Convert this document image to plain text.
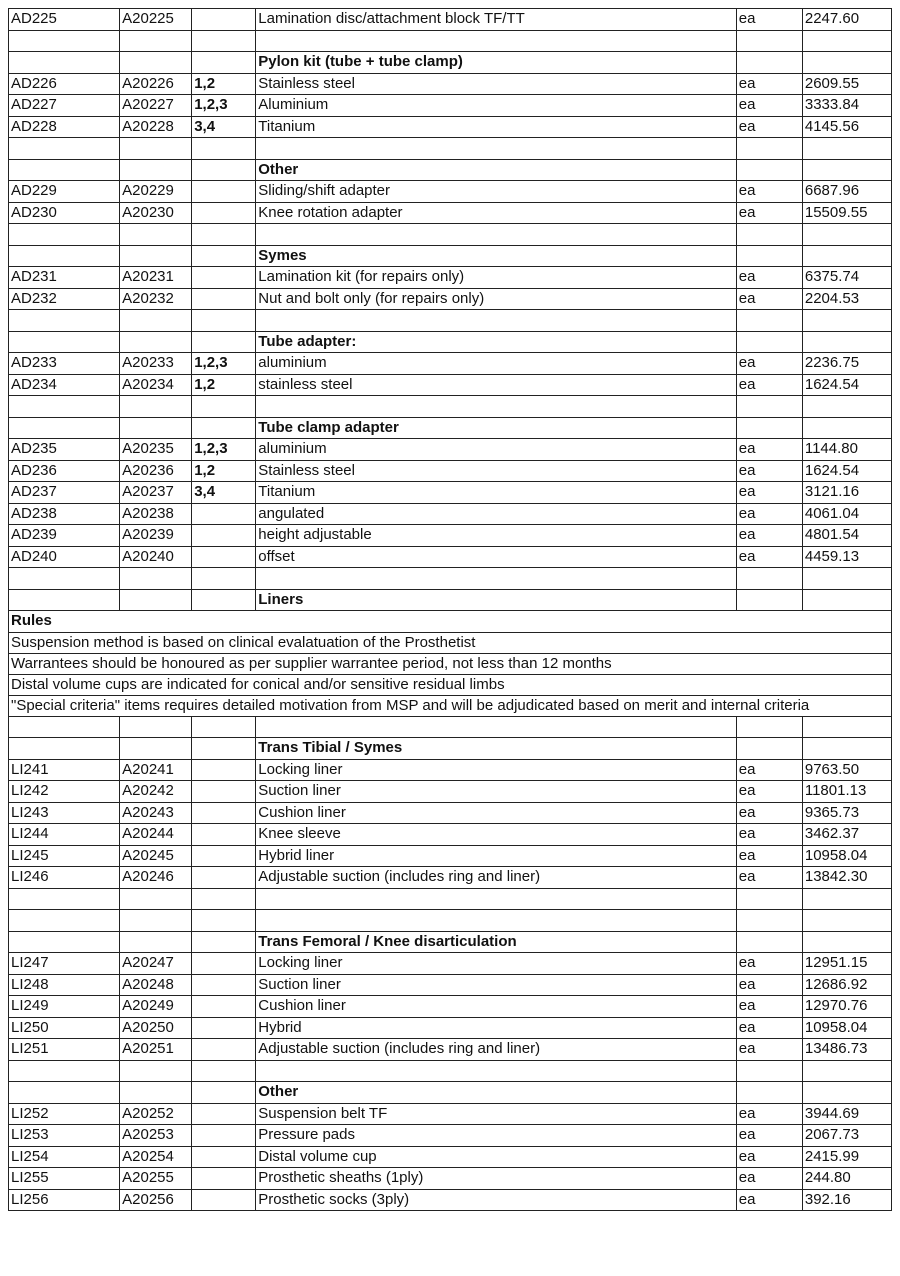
AD225	A20225		Lamination disc/attachment block TF/TT	ea	2247.60

			Pylon kit (tube + tube clamp)		
AD226	A20226	1,2	Stainless steel	ea	2609.55
AD227	A20227	1,2,3	Aluminium	ea	3333.84
AD228	A20228	3,4	Titanium	ea	4145.56

			Other		
AD229	A20229		Sliding/shift adapter	ea	6687.96
AD230	A20230		Knee rotation adapter	ea	15509.55

			Symes		
AD231	A20231		Lamination kit (for repairs only)	ea	6375.74
AD232	A20232		Nut and bolt only (for repairs only)	ea	2204.53

			Tube adapter:		
AD233	A20233	1,2,3	aluminium	ea	2236.75
AD234	A20234	1,2	stainless steel	ea	1624.54

			Tube clamp adapter		
AD235	A20235	1,2,3	aluminium	ea	1144.80
AD236	A20236	1,2	Stainless steel	ea	1624.54
AD237	A20237	3,4	Titanium	ea	3121.16
AD238	A20238		angulated	ea	4061.04
AD239	A20239		height adjustable	ea	4801.54
AD240	A20240		offset	ea	4459.13

			Liners		
Rules					
Suspension method is based on clinical evalatuation of the Prosthetist					
Warrantees should be honoured as per supplier warrantee period, not less than 12 months					
Distal volume cups are indicated for conical and/or sensitive residual limbs					
"Special criteria" items requires detailed motivation from MSP and will be adjudicated based on merit and internal criteria					

			Trans Tibial / Symes		
LI241	A20241		Locking liner	ea	9763.50
LI242	A20242		Suction liner	ea	11801.13
LI243	A20243		Cushion liner	ea	9365.73
LI244	A20244		Knee sleeve	ea	3462.37
LI245	A20245		Hybrid liner	ea	10958.04
LI246	A20246		Adjustable suction (includes ring and liner)	ea	13842.30

			Trans Femoral / Knee disarticulation		
LI247	A20247		Locking liner	ea	12951.15
LI248	A20248		Suction liner	ea	12686.92
LI249	A20249		Cushion liner	ea	12970.76
LI250	A20250		Hybrid	ea	10958.04
LI251	A20251		Adjustable suction (includes ring and liner)	ea	13486.73

			Other		
LI252	A20252		Suspension belt TF	ea	3944.69
LI253	A20253		Pressure pads	ea	2067.73
LI254	A20254		Distal volume cup	ea	2415.99
LI255	A20255		Prosthetic sheaths (1ply)	ea	244.80
LI256	A20256		Prosthetic socks (3ply)	ea	392.16
